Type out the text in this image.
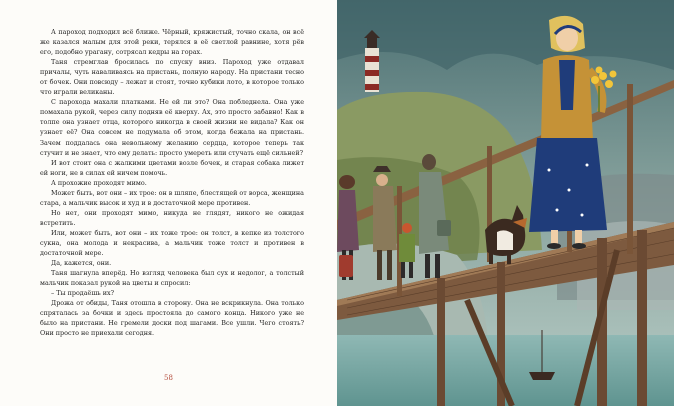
А пароход подходил всё ближе. Чёрный, кряжистый, точно скала, он всё же казался малым для этой реки, терялся в её светлой равнине, хотя рёв его, подобно урагану, сотрясал кедры на горах.

Таня стремглав бросилась по спуску вниз. Пароход уже отдавал причалы, чуть наваливаясь на пристань, полную народу. На пристани тесно от бочек. Они повсюду – лежат и стоят, точно кубики лото, в которое только что играли великаны.

С парохода махали платками. Не ей ли это? Она побледнела. Она уже помахала рукой, через силу подняв её кверху. Ах, это просто забавно! Как в толпе она узнает отца, которого никогда в своей жизни не видала? Как он узнает её? Она совсем не подумала об этом, когда бежала на пристань. Зачем поддалась она невольному желанию сердца, которое теперь так стучит и не знает, что ему делать: просто умереть или стучать ещё сильней?

И вот стоит она с жалкими цветами возле бочек, и старая собака лижет ей ноги, не в силах ей ничем помочь.

А прохожие проходят мимо.

Может быть, вот они – их трое: он в шляпе, блестящей от ворса, женщина стара, а мальчик высок и худ и в достаточной мере противен.

Но нет, они проходят мимо, никуда не глядят, никого не ожидая встретить.

Или, может быть, вот они – их тоже трое: он толст, в кепке из толстого сукна, она молода и некрасива, а мальчик тоже толст и противен в достаточной мере.

Да, кажется, они.

Таня шагнула вперёд. Но взгляд человека был сух и недолог, а толстый мальчик показал рукой на цветы и спросил:

– Ты продаёшь их?

Дрожа от обиды, Таня отошла в сторону. Она не вскрикнула. Она только спряталась за бочки и здесь простояла до самого конца. Никого уже не было на пристани. Не гремели доски под шагами. Все ушли. Чего стоять? Они просто не приехали сегодня.

58
